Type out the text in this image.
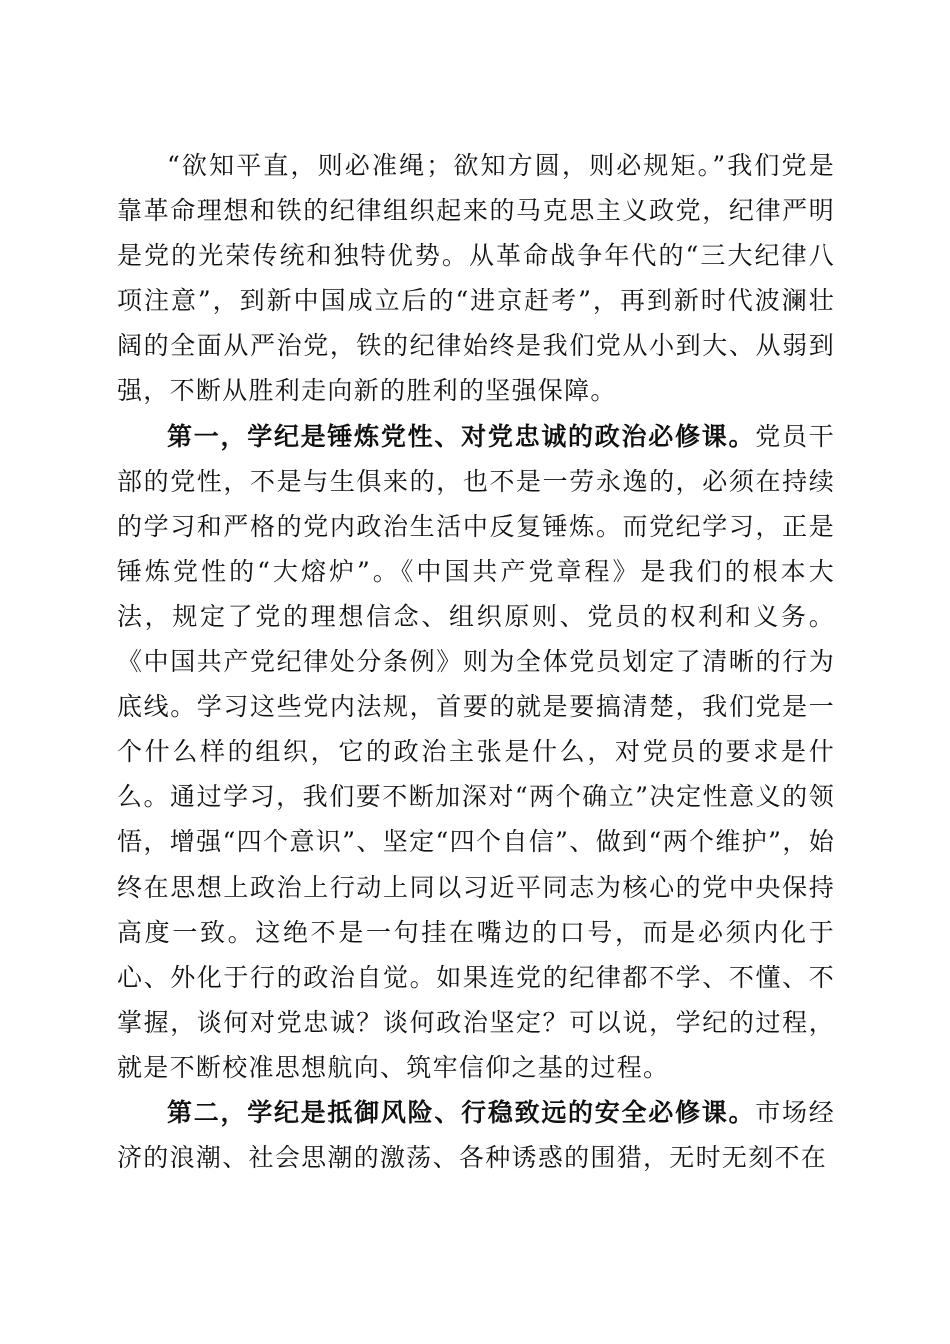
“欲知平直，则必准绳；欲知方圆，则必规矩。”我们党是靠革命理想和铁的纪律组织起来的马克思主义政党，纪律严明是党的光荣传统和独特优势。从革命战争年代的“三大纪律八项注意”，到新中国成立后的“进京赶考”，再到新时代波澜壮阔的全面从严治党，铁的纪律始终是我们党从小到大、从弱到强，不断从胜利走向新的胜利的坚强保障。

第一，学纪是锤炼党性、对党忠诚的政治必修课。党员干部的党性，不是与生俱来的，也不是一劳永逸的，必须在持续的学习和严格的党内政治生活中反复锤炼。而党纪学习，正是锤炼党性的“大熔炉”。《中国共产党章程》是我们的根本大法，规定了党的理想信念、组织原则、党员的权利和义务。《中国共产党纪律处分条例》则为全体党员划定了清晰的行为底线。学习这些党内法规，首要的就是要搞清楚，我们党是一个什么样的组织，它的政治主张是什么，对党员的要求是什么。通过学习，我们要不断加深对“两个确立”决定性意义的领悟，增强“四个意识”、坚定“四个自信”、做到“两个维护”，始终在思想上政治上行动上同以习近平同志为核心的党中央保持高度一致。这绝不是一句挂在嘴边的口号，而是必须内化于心、外化于行的政治自觉。如果连党的纪律都不学、不懂、不掌握，谈何对党忠诚？谈何政治坚定？可以说，学纪的过程，就是不断校准思想航向、筑牢信仰之基的过程。

第二，学纪是抵御风险、行稳致远的安全必修课。市场经济的浪潮、社会思潮的激荡、各种诱惑的围猎，无时无刻不在
